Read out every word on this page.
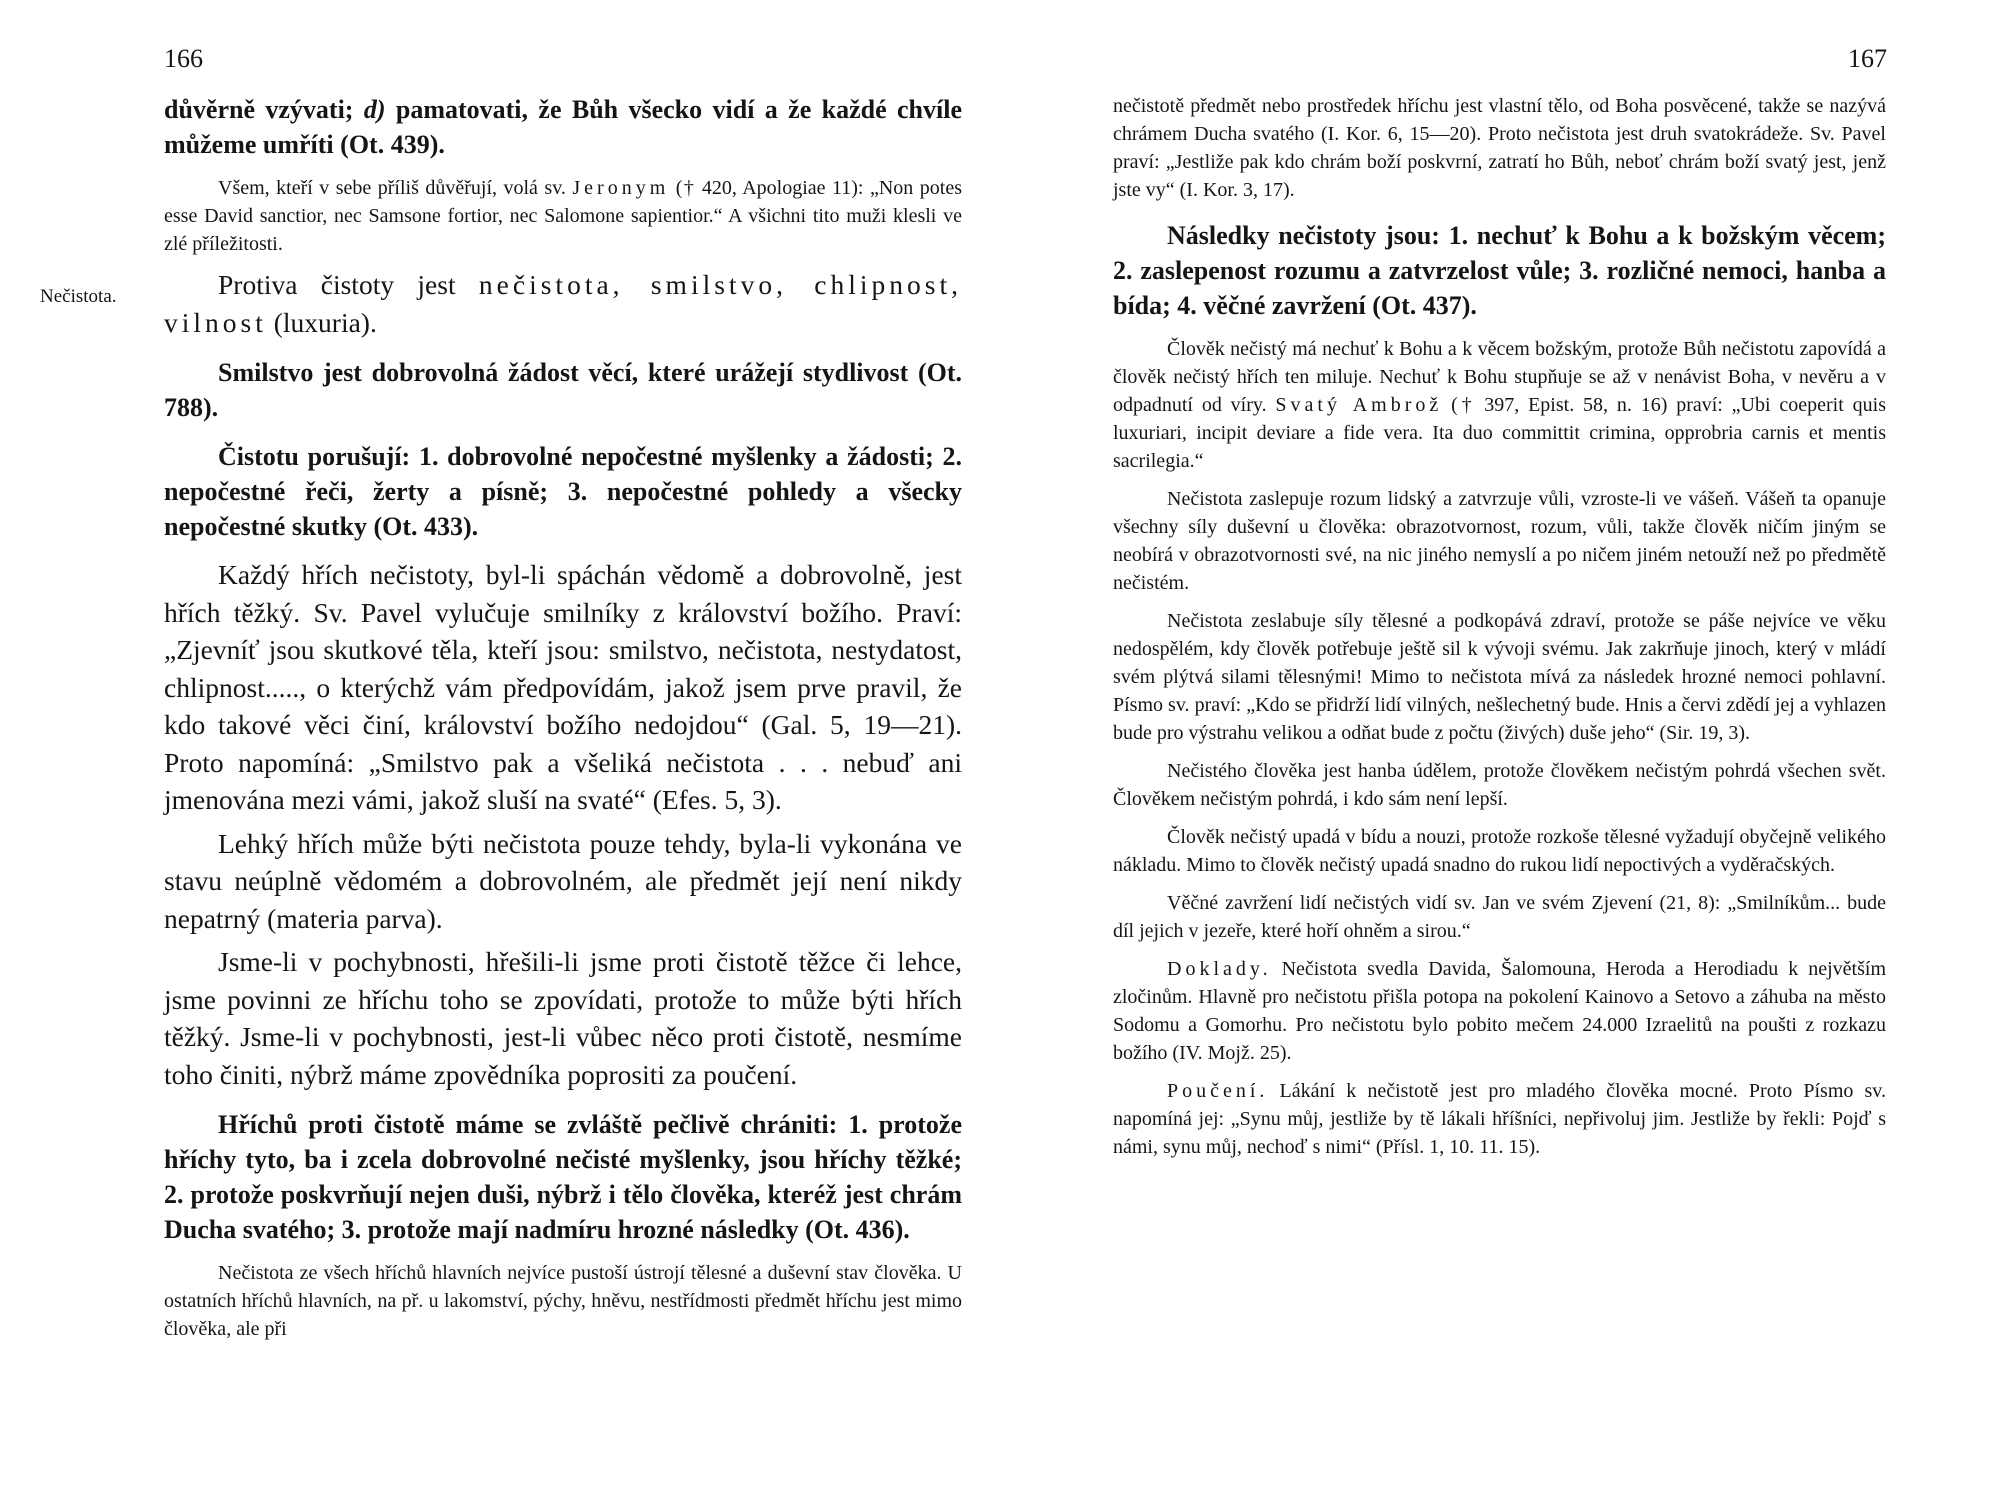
166
Nečistota.

důvěrně vzývati; d) pamatovati, že Bůh všecko vidí a že každé chvíle můžeme umříti (Ot. 439).

Všem, kteří v sebe příliš důvěřují, volá sv. Jeronym († 420, Apologiae 11): „Non potes esse David sanctior, nec Samsone fortior, nec Salomone sapientior.“ A všichni tito muži klesli ve zlé příležitosti.

Protiva čistoty jest nečistota, smilstvo, chlipnost, vilnost (luxuria).

Smilstvo jest dobrovolná žádost věcí, které urážejí stydlivost (Ot. 788).

Čistotu porušují: 1. dobrovolné nepočestné myšlenky a žádosti; 2. nepočestné řeči, žerty a písně; 3. nepočestné pohledy a všecky nepočestné skutky (Ot. 433).

Každý hřích nečistoty, byl-li spáchán vědomě a dobrovolně, jest hřích těžký. Sv. Pavel vylučuje smilníky z království božího. Praví: „Zjevníť jsou skutkové těla, kteří jsou: smilstvo, nečistota, nestydatost, chlipnost....., o kterýchž vám předpovídám, jakož jsem prve pravil, že kdo takové věci činí, království božího nedojdou“ (Gal. 5, 19—21). Proto napomíná: „Smilstvo pak a všeliká nečistota . . . nebuď ani jmenována mezi vámi, jakož sluší na svaté“ (Efes. 5, 3).

Lehký hřích může býti nečistota pouze tehdy, byla-li vykonána ve stavu neúplně vědomém a dobrovolném, ale předmět její není nikdy nepatrný (materia parva).

Jsme-li v pochybnosti, hřešili-li jsme proti čistotě těžce či lehce, jsme povinni ze hříchu toho se zpovídati, protože to může býti hřích těžký. Jsme-li v pochybnosti, jest-li vůbec něco proti čistotě, nesmíme toho činiti, nýbrž máme zpovědníka poprositi za poučení.

Hříchů proti čistotě máme se zvláště pečlivě chrániti: 1. protože hříchy tyto, ba i zcela dobrovolné nečisté myšlenky, jsou hříchy těžké; 2. protože poskvrňují nejen duši, nýbrž i tělo člověka, kteréž jest chrám Ducha svatého; 3. protože mají nadmíru hrozné následky (Ot. 436).

Nečistota ze všech hříchů hlavních nejvíce pustoší ústrojí tělesné a duševní stav člověka. U ostatních hříchů hlavních, na př. u lakomství, pýchy, hněvu, nestřídmosti předmět hříchu jest mimo člověka, ale při

167

nečistotě předmět nebo prostředek hříchu jest vlastní tělo, od Boha posvěcené, takže se nazývá chrámem Ducha svatého (I. Kor. 6, 15—20). Proto nečistota jest druh svatokrádeže. Sv. Pavel praví: „Jestliže pak kdo chrám boží poskvrní, zatratí ho Bůh, neboť chrám boží svatý jest, jenž jste vy“ (I. Kor. 3, 17).

Následky nečistoty jsou: 1. nechuť k Bohu a k božským věcem; 2. zaslepenost rozumu a zatvrzelost vůle; 3. rozličné nemoci, hanba a bída; 4. věčné zavržení (Ot. 437).

Člověk nečistý má nechuť k Bohu a k věcem božským, protože Bůh nečistotu zapovídá a člověk nečistý hřích ten miluje. Nechuť k Bohu stupňuje se až v nenávist Boha, v nevěru a v odpadnutí od víry. Svatý Ambrož († 397, Epist. 58, n. 16) praví: „Ubi coeperit quis luxuriari, incipit deviare a fide vera. Ita duo committit crimina, opprobria carnis et mentis sacrilegia.“

Nečistota zaslepuje rozum lidský a zatvrzuje vůli, vzroste-li ve vášeň. Vášeň ta opanuje všechny síly duševní u člověka: obrazotvornost, rozum, vůli, takže člověk ničím jiným se neobírá v obrazotvornosti své, na nic jiného nemyslí a po ničem jiném netouží než po předmětě nečistém.

Nečistota zeslabuje síly tělesné a podkopává zdraví, protože se páše nejvíce ve věku nedospělém, kdy člověk potřebuje ještě sil k vývoji svému. Jak zakrňuje jinoch, který v mládí svém plýtvá silami tělesnými! Mimo to nečistota mívá za následek hrozné nemoci pohlavní. Písmo sv. praví: „Kdo se přidrží lidí vilných, nešlechetný bude. Hnis a červi zdědí jej a vyhlazen bude pro výstrahu velikou a odňat bude z počtu (živých) duše jeho“ (Sir. 19, 3).

Nečistého člověka jest hanba údělem, protože člověkem nečistým pohrdá všechen svět. Člověkem nečistým pohrdá, i kdo sám není lepší.

Člověk nečistý upadá v bídu a nouzi, protože rozkoše tělesné vyžadují obyčejně velikého nákladu. Mimo to člověk nečistý upadá snadno do rukou lidí nepoctivých a vyděračských.

Věčné zavržení lidí nečistých vidí sv. Jan ve svém Zjevení (21, 8): „Smilníkům... bude díl jejich v jezeře, které hoří ohněm a sirou.“

Doklady. Nečistota svedla Davida, Šalomouna, Heroda a Herodiadu k největším zločinům. Hlavně pro nečistotu přišla potopa na pokolení Kainovo a Setovo a záhuba na město Sodomu a Gomorhu. Pro nečistotu bylo pobito mečem 24.000 Izraelitů na poušti z rozkazu božího (IV. Mojž. 25).

Poučení. Lákání k nečistotě jest pro mladého člověka mocné. Proto Písmo sv. napomíná jej: „Synu můj, jestliže by tě lákali hříšníci, nepřivoluj jim. Jestliže by řekli: Pojď s námi, synu můj, nechoď s nimi“ (Přísl. 1, 10. 11. 15).
